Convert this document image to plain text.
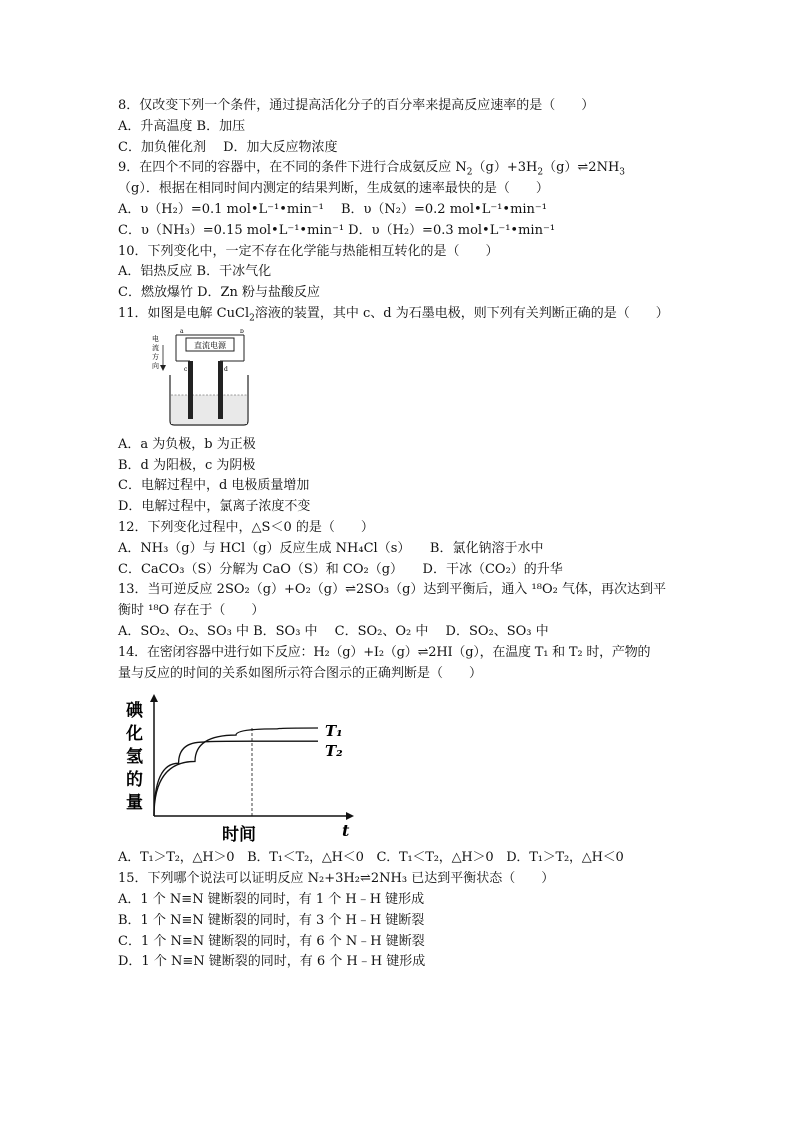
8．仅改变下列一个条件，通过提高活化分子的百分率来提高反应速率的是（　　）
A．升高温度 B．加压
C．加负催化剂　 D．加大反应物浓度
9．在四个不同的容器中，在不同的条件下进行合成氨反应 $N_2(g)+3H_2(g)\rightleftharpoons 2NH_3$
（g）．根据在相同时间内测定的结果判断，生成氨的速率最快的是（　　）
A．υ（H₂）=0.1 mol•L⁻¹•min⁻¹　 B．υ（N₂）=0.2 mol•L⁻¹•min⁻¹
C．υ（NH₃）=0.15 mol•L⁻¹•min⁻¹ D．υ（H₂）=0.3 mol•L⁻¹•min⁻¹
10．下列变化中，一定不存在化学能与热能相互转化的是（　　）
A．铝热反应 B．干冰气化
C．燃放爆竹 D．Zn 粉与盐酸反应
11．如图是电解 CuCl$_2$溶液的装置，其中 c、d 为石墨电极，则下列有关判断正确的是（　　）
直流电源
a	b
电
流
方
向	c	d
A．a 为负极，b 为正极
B．d 为阳极，c 为阴极
C．电解过程中，d 电极质量增加
D．电解过程中，氯离子浓度不变
12．下列变化过程中，△S＜0 的是（　　）
A．NH₃（g）与 HCl（g）反应生成 NH₄Cl（s）　　 B．氯化钠溶于水中
C．CaCO₃（S）分解为 CaO（S）和 CO₂（g）　　 D．干冰（CO₂）的升华
13．当可逆反应 2SO₂（g）+O₂（g）⇌2SO₃（g）达到平衡后，通入 ¹⁸O₂ 气体，再次达到平
衡时 ¹⁸O 存在于（　　）
A．SO₂、O₂、SO₃ 中 B．SO₃ 中　 C．SO₂、O₂ 中　 D．SO₂、SO₃ 中
14．在密闭容器中进行如下反应：H₂（g）+I₂（g）⇌2HI（g），在温度 T₁ 和 T₂ 时，产物的
量与反应的时间的关系如图所示符合图示的正确判断是（　　）
碘
化
氢
的
量
T₁
T₂
时间	t
A．T₁＞T₂，△H＞0　B．T₁＜T₂，△H＜0　C．T₁＜T₂，△H＞0　D．T₁＞T₂，△H＜0
15．下列哪个说法可以证明反应 N₂+3H₂⇌2NH₃ 已达到平衡状态（　　）
A．1 个 N≡N 键断裂的同时，有 1 个 H﹣H 键形成
B．1 个 N≡N 键断裂的同时，有 3 个 H﹣H 键断裂
C．1 个 N≡N 键断裂的同时，有 6 个 N﹣H 键断裂
D．1 个 N≡N 键断裂的同时，有 6 个 H﹣H 键形成
